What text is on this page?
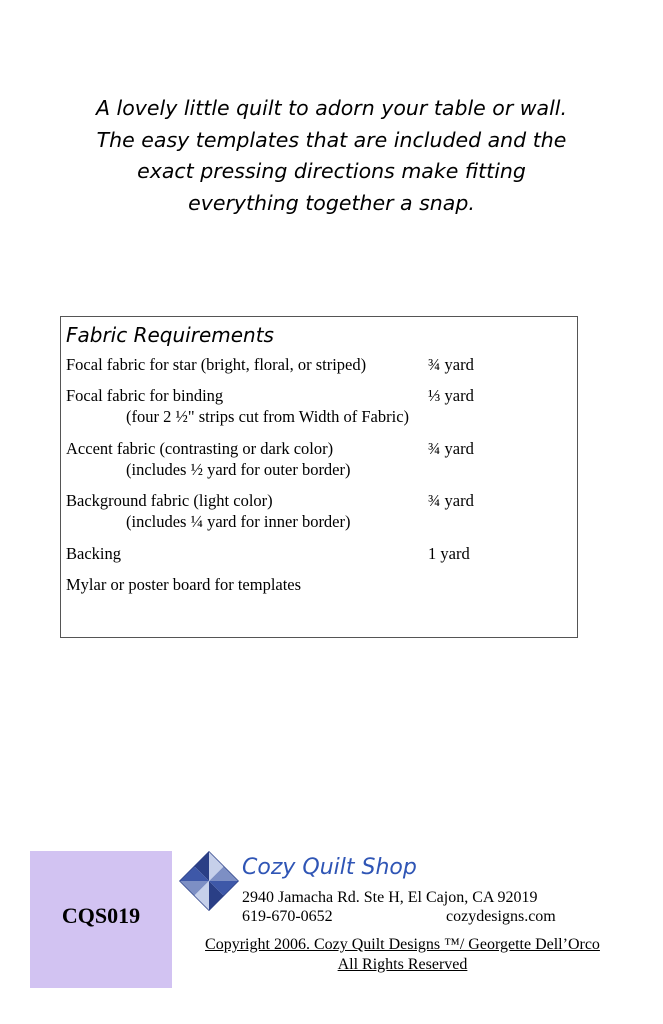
A lovely little quilt to adorn your table or wall.
The easy templates that are included and the
exact pressing directions make fitting
everything together a snap.
Fabric Requirements
Focal fabric for star (bright, floral, or striped)	¾ yard
Focal fabric for binding	⅓ yard
(four 2 ½" strips cut from Width of Fabric)
Accent fabric (contrasting or dark color)	¾ yard
(includes ½ yard for outer border)
Background fabric (light color)	¾ yard
(includes ¼ yard for inner border)
Backing	1 yard
Mylar or poster board for templates
CQS019
Cozy Quilt Shop
2940 Jamacha Rd. Ste H, El Cajon, CA 92019
619-670-0652	cozydesigns.com
Copyright 2006. Cozy Quilt Designs ™/ Georgette Dell’Orco
All Rights Reserved
